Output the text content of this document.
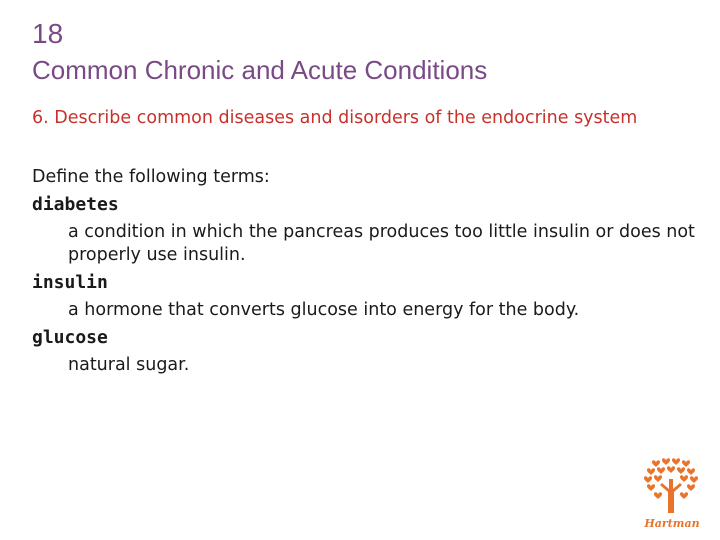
18
Common Chronic and Acute Conditions
6. Describe common diseases and disorders of the endocrine system
Define the following terms:
diabetes
a condition in which the pancreas produces too little insulin or does not properly use insulin.
insulin
a hormone that converts glucose into energy for the body.
glucose
natural sugar.
Hartman
